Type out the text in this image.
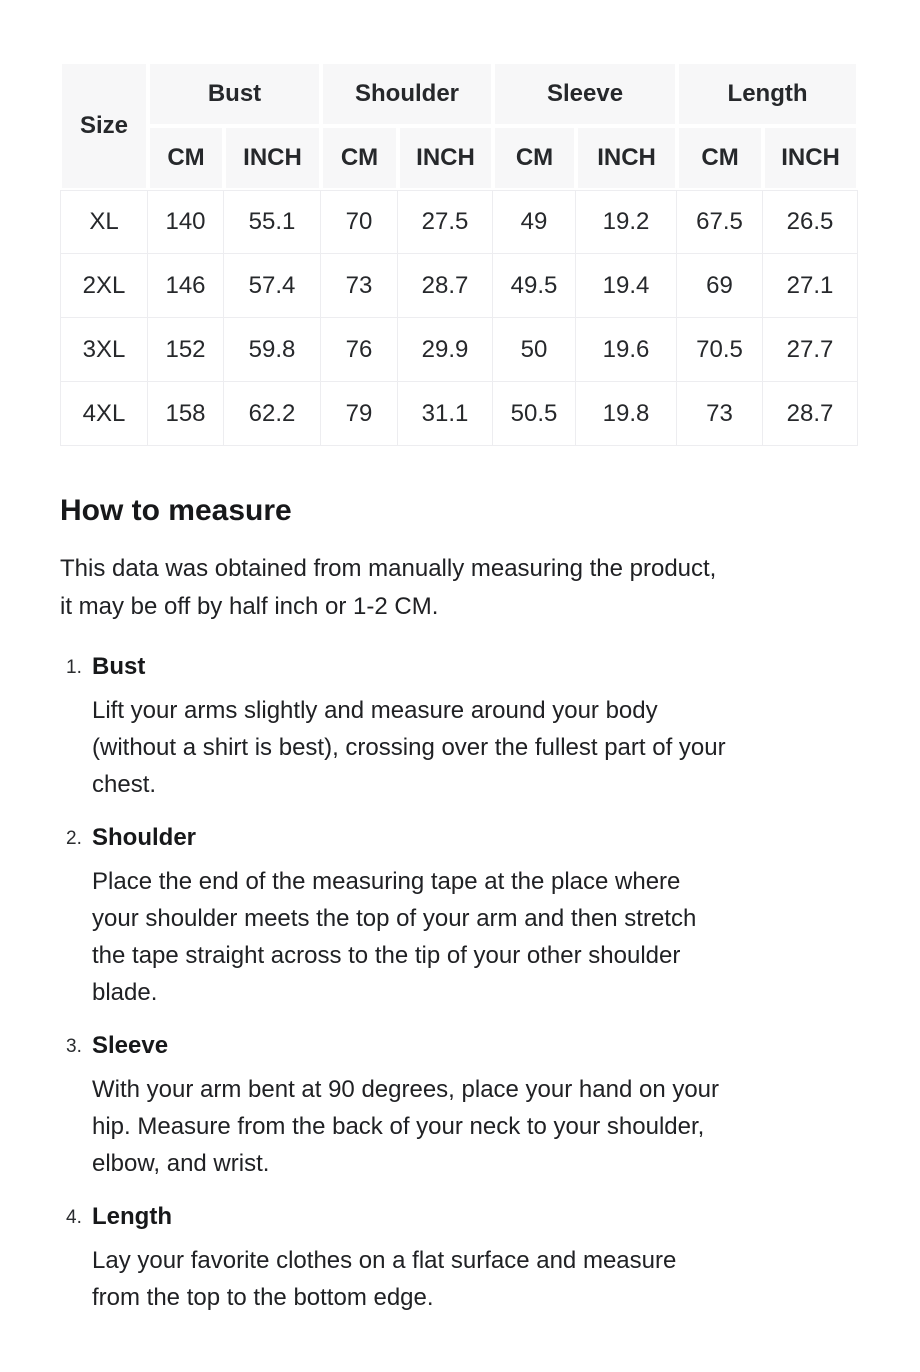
Size	Bust		Shoulder		Sleeve		Length	
	CM	INCH	CM	INCH	CM	INCH	CM	INCH
XL	140	55.1	70	27.5	49	19.2	67.5	26.5
2XL	146	57.4	73	28.7	49.5	19.4	69	27.1
3XL	152	59.8	76	29.9	50	19.6	70.5	27.7
4XL	158	62.2	79	31.1	50.5	19.8	73	28.7
How to measure

This data was obtained from manually measuring the product,
it may be off by half inch or 1-2 CM.

1. Bust
Lift your arms slightly and measure around your body
(without a shirt is best), crossing over the fullest part of your
chest.
2. Shoulder
Place the end of the measuring tape at the place where
your shoulder meets the top of your arm and then stretch
the tape straight across to the tip of your other shoulder
blade.
3. Sleeve
With your arm bent at 90 degrees, place your hand on your
hip. Measure from the back of your neck to your shoulder,
elbow, and wrist.
4. Length
Lay your favorite clothes on a flat surface and measure
from the top to the bottom edge.
